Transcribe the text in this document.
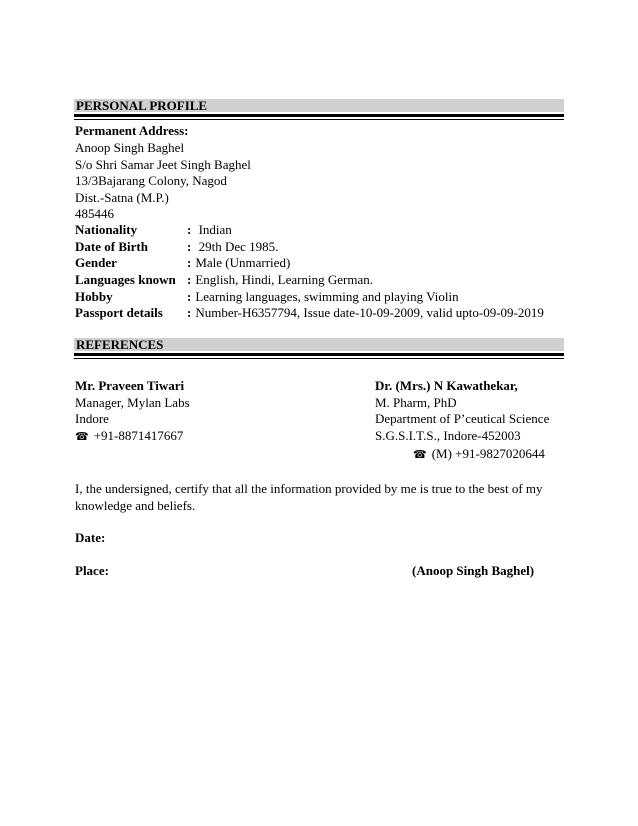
PERSONAL PROFILE
Permanent Address:
Anoop Singh Baghel
S/o Shri Samar Jeet Singh Baghel
13/3Bajarang Colony, Nagod
Dist.-Satna (M.P.)
485446
Nationality	: Indian
Date of Birth	: 29th Dec 1985.
Gender	: Male (Unmarried)
Languages known : English, Hindi, Learning German.
Hobby	: Learning languages, swimming and playing Violin
Passport details : Number-H6357794, Issue date-10-09-2009, valid upto-09-09-2019
REFERENCES
Mr. Praveen Tiwari
Manager, Mylan Labs
Indore
☎ +91-8871417667
Dr. (Mrs.) N Kawathekar,
M. Pharm, PhD
Department of P’ceutical Science
S.G.S.I.T.S., Indore-452003
☎ (M) +91-9827020644
I, the undersigned, certify that all the information provided by me is true to the best of my knowledge and beliefs.
Date:
Place:	(Anoop Singh Baghel)
